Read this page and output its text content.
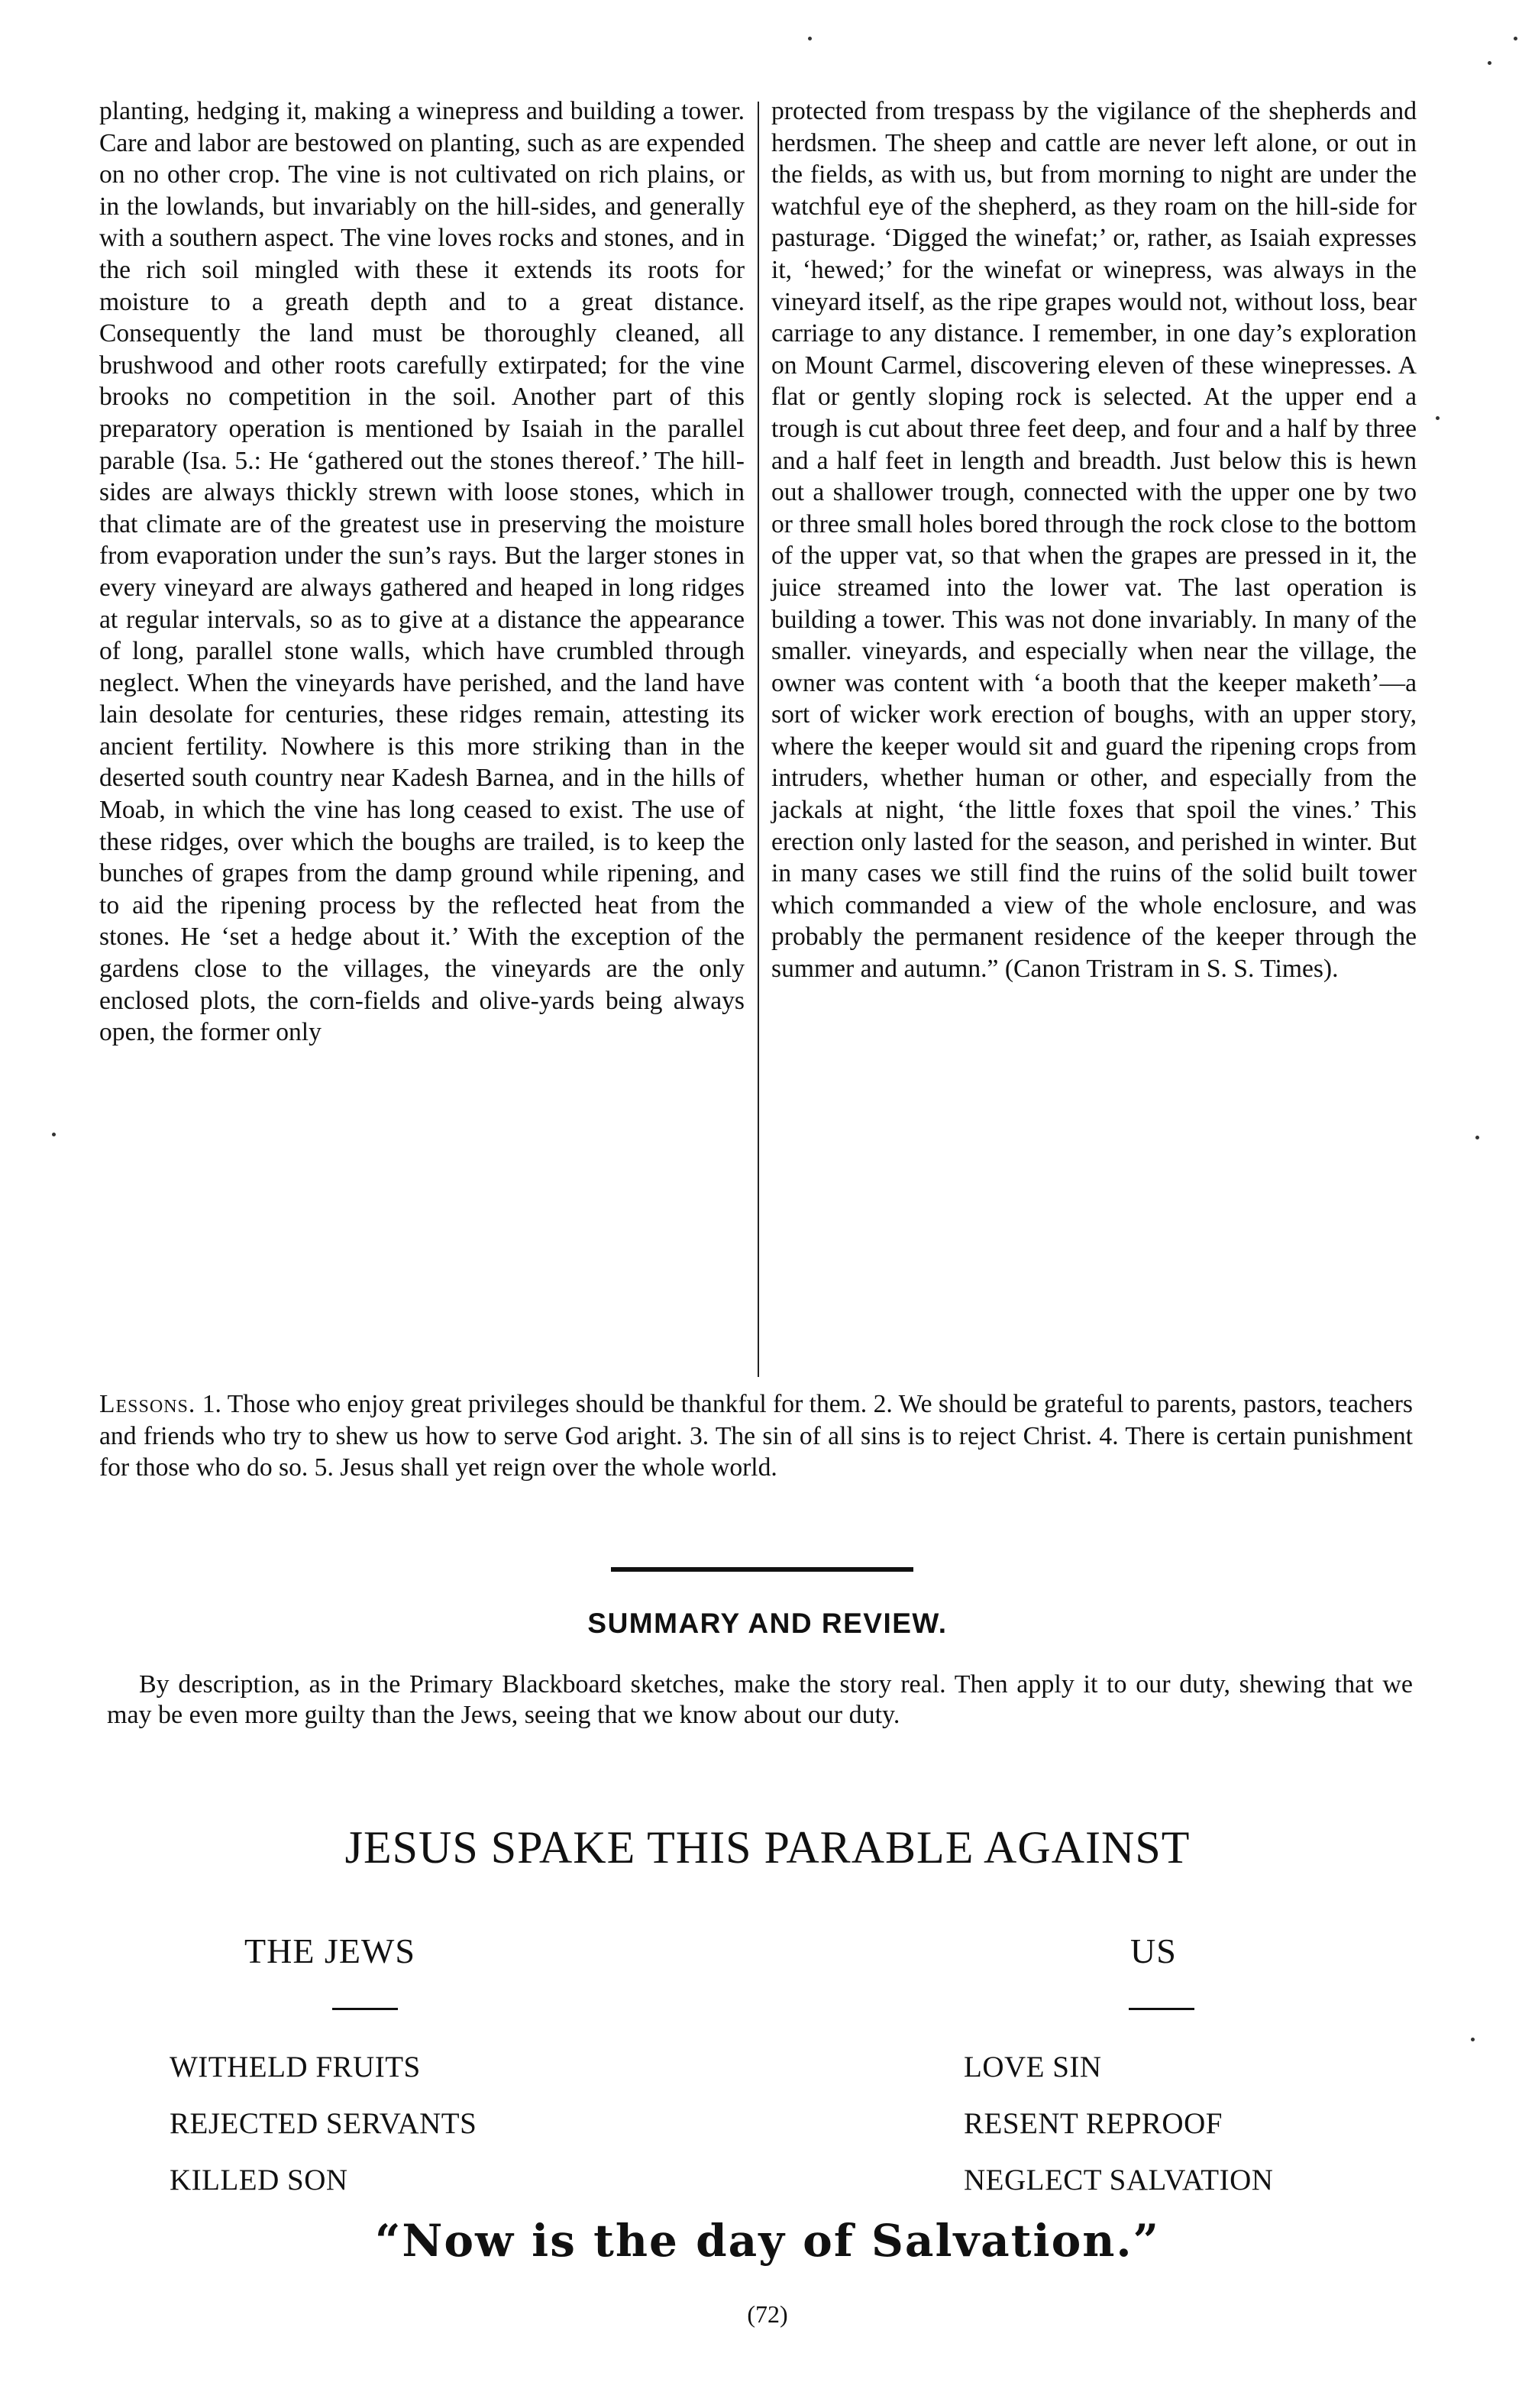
planting, hedging it, making a winepress and building a tower. Care and labor are bestowed on planting, such as are expended on no other crop. The vine is not cultivated on rich plains, or in the lowlands, but invariably on the hill-sides, and generally with a southern aspect. The vine loves rocks and stones, and in the rich soil mingled with these it extends its roots for moisture to a greath depth and to a great distance. Consequently the land must be thoroughly cleaned, all brushwood and other roots carefully extirpated; for the vine brooks no competition in the soil. Another part of this preparatory operation is mentioned by Isaiah in the parallel parable (Isa. 5.: He ‘gathered out the stones thereof.’ The hill-sides are always thickly strewn with loose stones, which in that climate are of the greatest use in preserving the moisture from evaporation under the sun’s rays. But the larger stones in every vineyard are always gathered and heaped in long ridges at regular intervals, so as to give at a distance the appearance of long, parallel stone walls, which have crumbled through neglect. When the vineyards have perished, and the land have lain desolate for centuries, these ridges remain, attesting its ancient fertility. Nowhere is this more striking than in the deserted south country near Kadesh Barnea, and in the hills of Moab, in which the vine has long ceased to exist. The use of these ridges, over which the boughs are trailed, is to keep the bunches of grapes from the damp ground while ripening, and to aid the ripening process by the reflected heat from the stones. He ‘set a hedge about it.’ With the exception of the gardens close to the villages, the vineyards are the only enclosed plots, the corn-fields and olive-yards being always open, the former only
protected from trespass by the vigilance of the shepherds and herdsmen. The sheep and cattle are never left alone, or out in the fields, as with us, but from morning to night are under the watchful eye of the shepherd, as they roam on the hill-side for pasturage. ‘Digged the winefat;’ or, rather, as Isaiah expresses it, ‘hewed;’ for the winefat or winepress, was always in the vineyard itself, as the ripe grapes would not, without loss, bear carriage to any distance. I remember, in one day’s exploration on Mount Carmel, discovering eleven of these winepresses. A flat or gently sloping rock is selected. At the upper end a trough is cut about three feet deep, and four and a half by three and a half feet in length and breadth. Just below this is hewn out a shallower trough, connected with the upper one by two or three small holes bored through the rock close to the bottom of the upper vat, so that when the grapes are pressed in it, the juice streamed into the lower vat. The last operation is building a tower. This was not done invariably. In many of the smaller. vineyards, and especially when near the village, the owner was content with ‘a booth that the keeper maketh’—a sort of wicker work erection of boughs, with an upper story, where the keeper would sit and guard the ripening crops from intruders, whether human or other, and especially from the jackals at night, ‘the little foxes that spoil the vines.’ This erection only lasted for the season, and perished in winter. But in many cases we still find the ruins of the solid built tower which commanded a view of the whole enclosure, and was probably the permanent residence of the keeper through the summer and autumn.” (Canon Tristram in S. S. Times).
Lessons. 1. Those who enjoy great privileges should be thankful for them. 2. We should be grateful to parents, pastors, teachers and friends who try to shew us how to serve God aright. 3. The sin of all sins is to reject Christ. 4. There is certain punishment for those who do so. 5. Jesus shall yet reign over the whole world.
SUMMARY AND REVIEW.
By description, as in the Primary Blackboard sketches, make the story real. Then apply it to our duty, shewing that we may be even more guilty than the Jews, seeing that we know about our duty.
JESUS SPAKE THIS PARABLE AGAINST
THE JEWS	US
WITHELD FRUITS
REJECTED SERVANTS
KILLED SON
LOVE SIN
RESENT REPROOF
NEGLECT SALVATION
“Now is the day of Salvation.”
(72)
